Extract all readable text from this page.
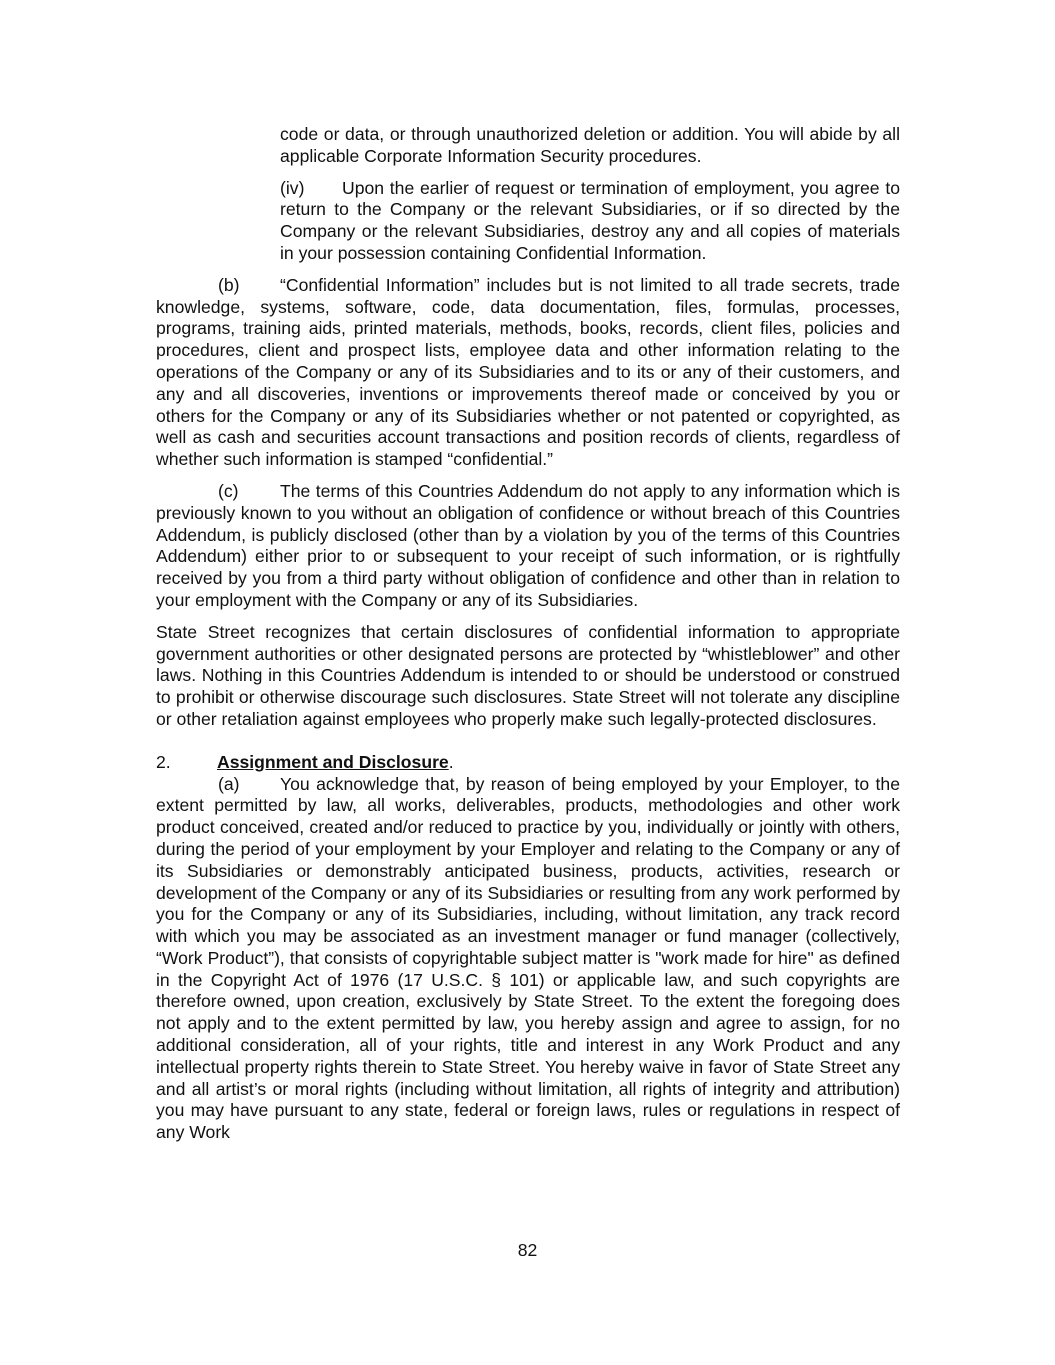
code or data, or through unauthorized deletion or addition. You will abide by all applicable Corporate Information Security procedures.

(iv) Upon the earlier of request or termination of employment, you agree to return to the Company or the relevant Subsidiaries, or if so directed by the Company or the relevant Subsidiaries, destroy any and all copies of materials in your possession containing Confidential Information.

(b) “Confidential Information” includes but is not limited to all trade secrets, trade knowledge, systems, software, code, data documentation, files, formulas, processes, programs, training aids, printed materials, methods, books, records, client files, policies and procedures, client and prospect lists, employee data and other information relating to the operations of the Company or any of its Subsidiaries and to its or any of their customers, and any and all discoveries, inventions or improvements thereof made or conceived by you or others for the Company or any of its Subsidiaries whether or not patented or copyrighted, as well as cash and securities account transactions and position records of clients, regardless of whether such information is stamped “confidential.”

(c) The terms of this Countries Addendum do not apply to any information which is previously known to you without an obligation of confidence or without breach of this Countries Addendum, is publicly disclosed (other than by a violation by you of the terms of this Countries Addendum) either prior to or subsequent to your receipt of such information, or is rightfully received by you from a third party without obligation of confidence and other than in relation to your employment with the Company or any of its Subsidiaries.

State Street recognizes that certain disclosures of confidential information to appropriate government authorities or other designated persons are protected by “whistleblower” and other laws. Nothing in this Countries Addendum is intended to or should be understood or construed to prohibit or otherwise discourage such disclosures. State Street will not tolerate any discipline or other retaliation against employees who properly make such legally-protected disclosures.

2.	Assignment and Disclosure.

(a) You acknowledge that, by reason of being employed by your Employer, to the extent permitted by law, all works, deliverables, products, methodologies and other work product conceived, created and/or reduced to practice by you, individually or jointly with others, during the period of your employment by your Employer and relating to the Company or any of its Subsidiaries or demonstrably anticipated business, products, activities, research or development of the Company or any of its Subsidiaries or resulting from any work performed by you for the Company or any of its Subsidiaries, including, without limitation, any track record with which you may be associated as an investment manager or fund manager (collectively, “Work Product”), that consists of copyrightable subject matter is "work made for hire" as defined in the Copyright Act of 1976 (17 U.S.C. § 101) or applicable law, and such copyrights are therefore owned, upon creation, exclusively by State Street. To the extent the foregoing does not apply and to the extent permitted by law, you hereby assign and agree to assign, for no additional consideration, all of your rights, title and interest in any Work Product and any intellectual property rights therein to State Street. You hereby waive in favor of State Street any and all artist’s or moral rights (including without limitation, all rights of integrity and attribution) you may have pursuant to any state, federal or foreign laws, rules or regulations in respect of any Work

82
